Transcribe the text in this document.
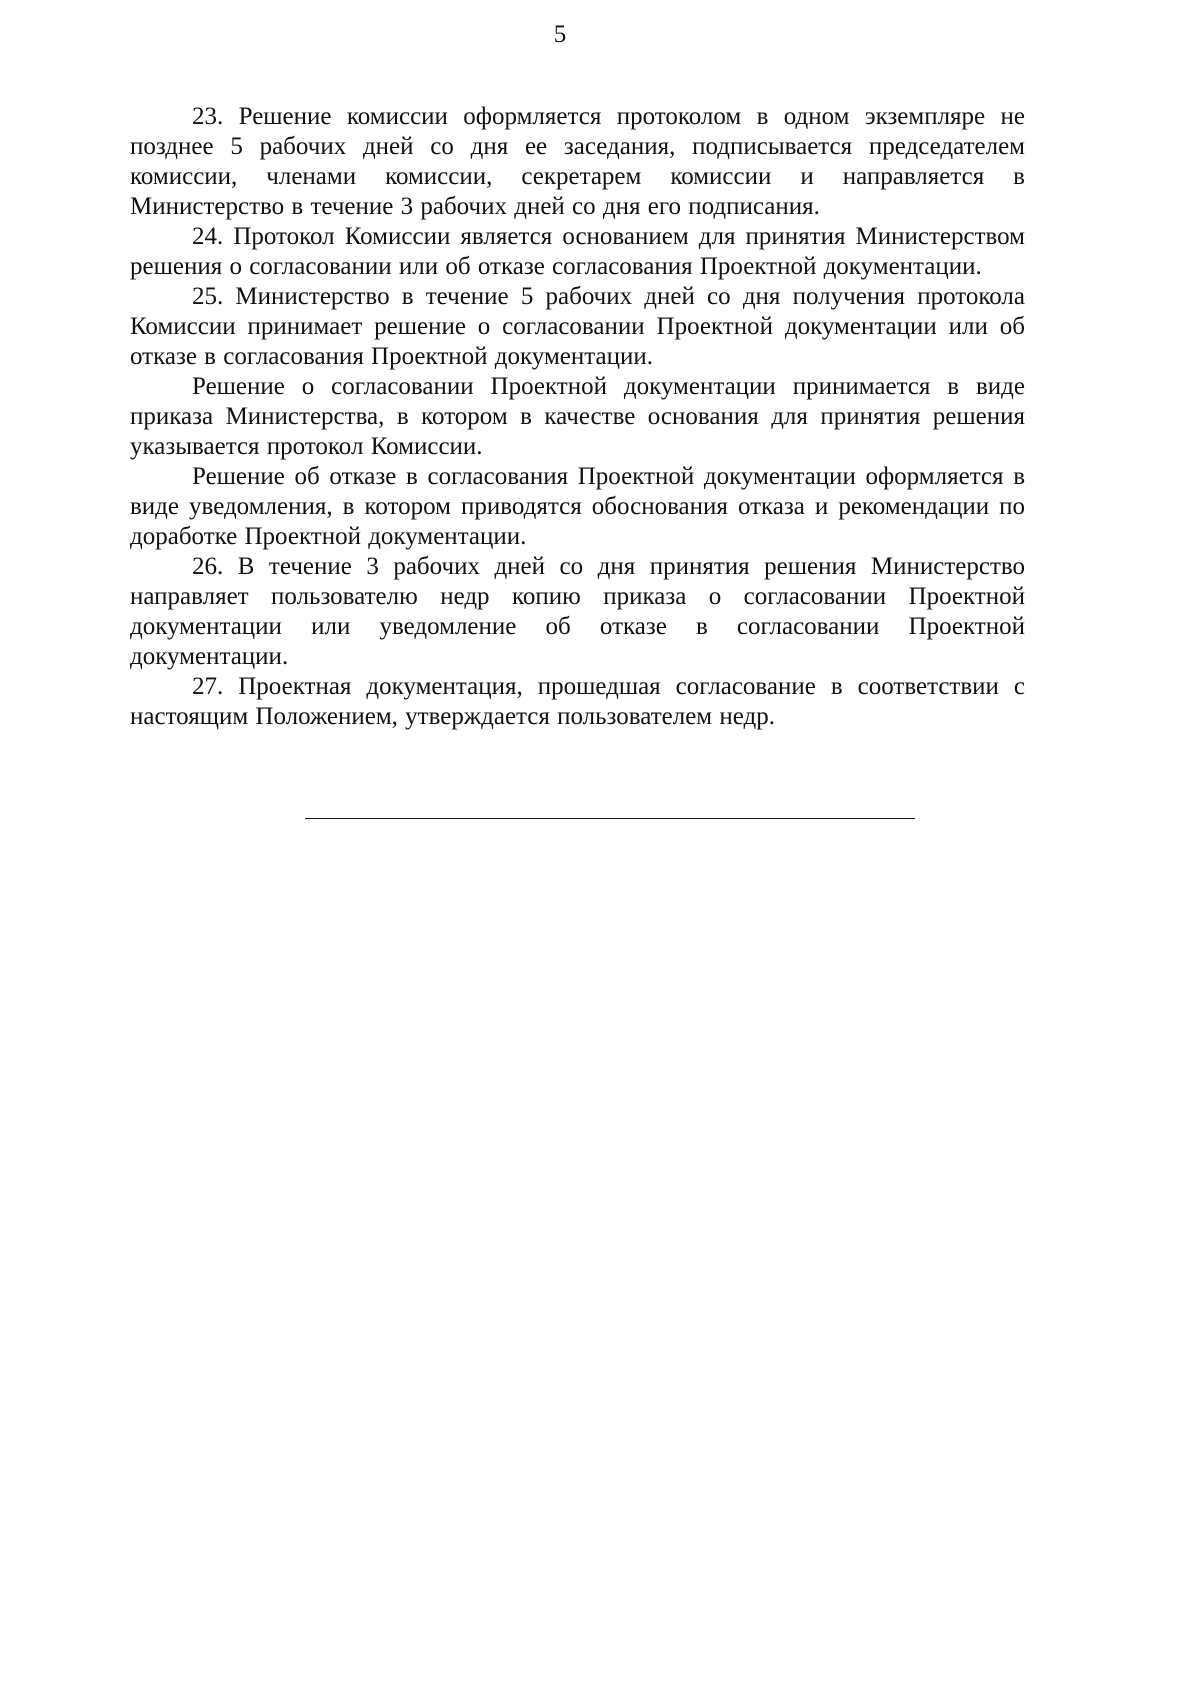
5

23. Решение комиссии оформляется протоколом в одном экземпляре не позднее 5 рабочих дней со дня ее заседания, подписывается председателем комиссии, членами комиссии, секретарем комиссии и направляется в Министерство в течение 3 рабочих дней со дня его подписания.

24. Протокол Комиссии является основанием для принятия Министерством решения о согласовании или об отказе согласования Проектной документации.

25. Министерство в течение 5 рабочих дней со дня получения протокола Комиссии принимает решение о согласовании Проектной документации или об отказе в согласования Проектной документации.

Решение о согласовании Проектной документации принимается в виде приказа Министерства, в котором в качестве основания для принятия решения указывается протокол Комиссии.

Решение об отказе в согласования Проектной документации оформляется в виде уведомления, в котором приводятся обоснования отказа и рекомендации по доработке Проектной документации.

26. В течение 3 рабочих дней со дня принятия решения Министерство направляет пользователю недр копию приказа о согласовании Проектной документации или уведомление об отказе в согласовании Проектной документации.

27. Проектная документация, прошедшая согласование в соответствии с настоящим Положением, утверждается пользователем недр.
